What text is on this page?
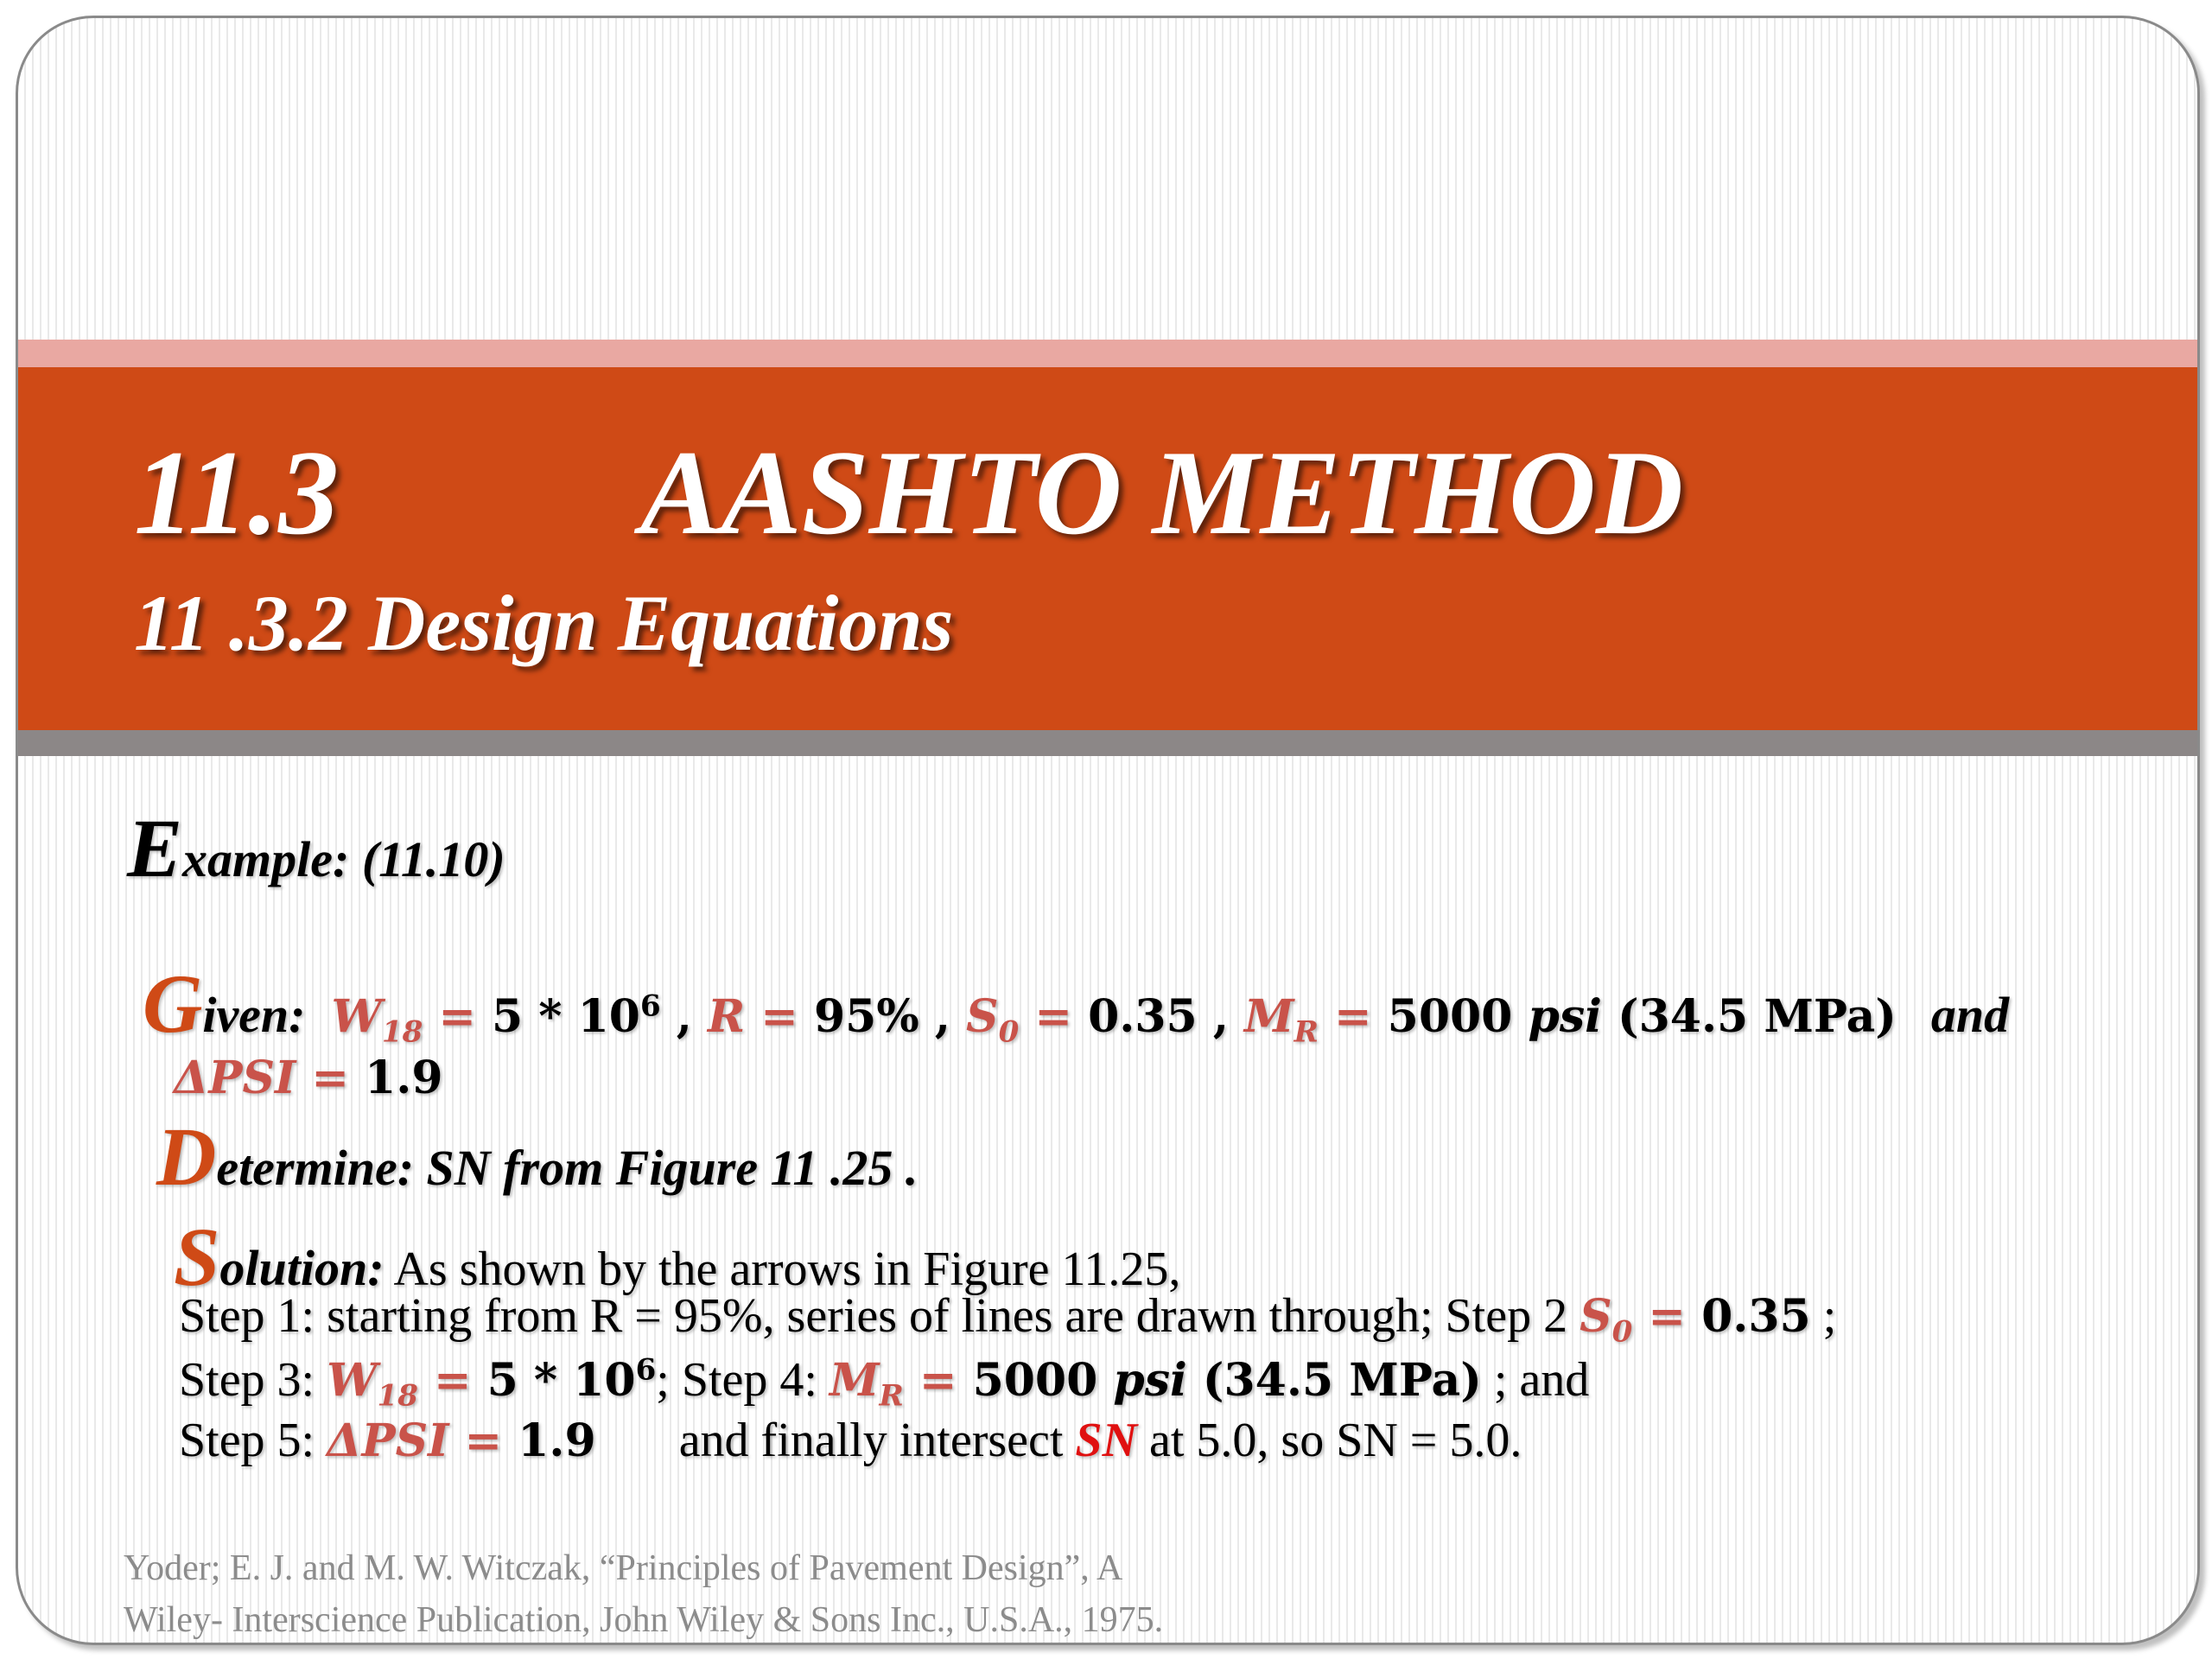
11.3 AASHTO METHOD
11 .3.2 Design Equations
Example: (11.10)
Given: $W_{18} = 5 * 10^6$ , R = 95% , $S_0 = 0.35$ , $M_R = 5000$ psi (34.5 MPa) and
ΔPSI = 1.9
Determine: SN from Figure 11 .25 .
Solution: As shown by the arrows in Figure 11.25,
Step 1: starting from R = 95%, series of lines are drawn through; Step 2 $S_0 = 0.35$ ;
Step 3: $W_{18} = 5 * 10^6$; Step 4: $M_R = 5000$ psi (34.5 MPa) ; and
Step 5: ΔPSI = 1.9 and finally intersect SN at 5.0, so SN = 5.0.
Yoder; E. J. and M. W. Witczak, “Principles of Pavement Design”, A
Wiley- Interscience Publication, John Wiley & Sons Inc., U.S.A., 1975.
